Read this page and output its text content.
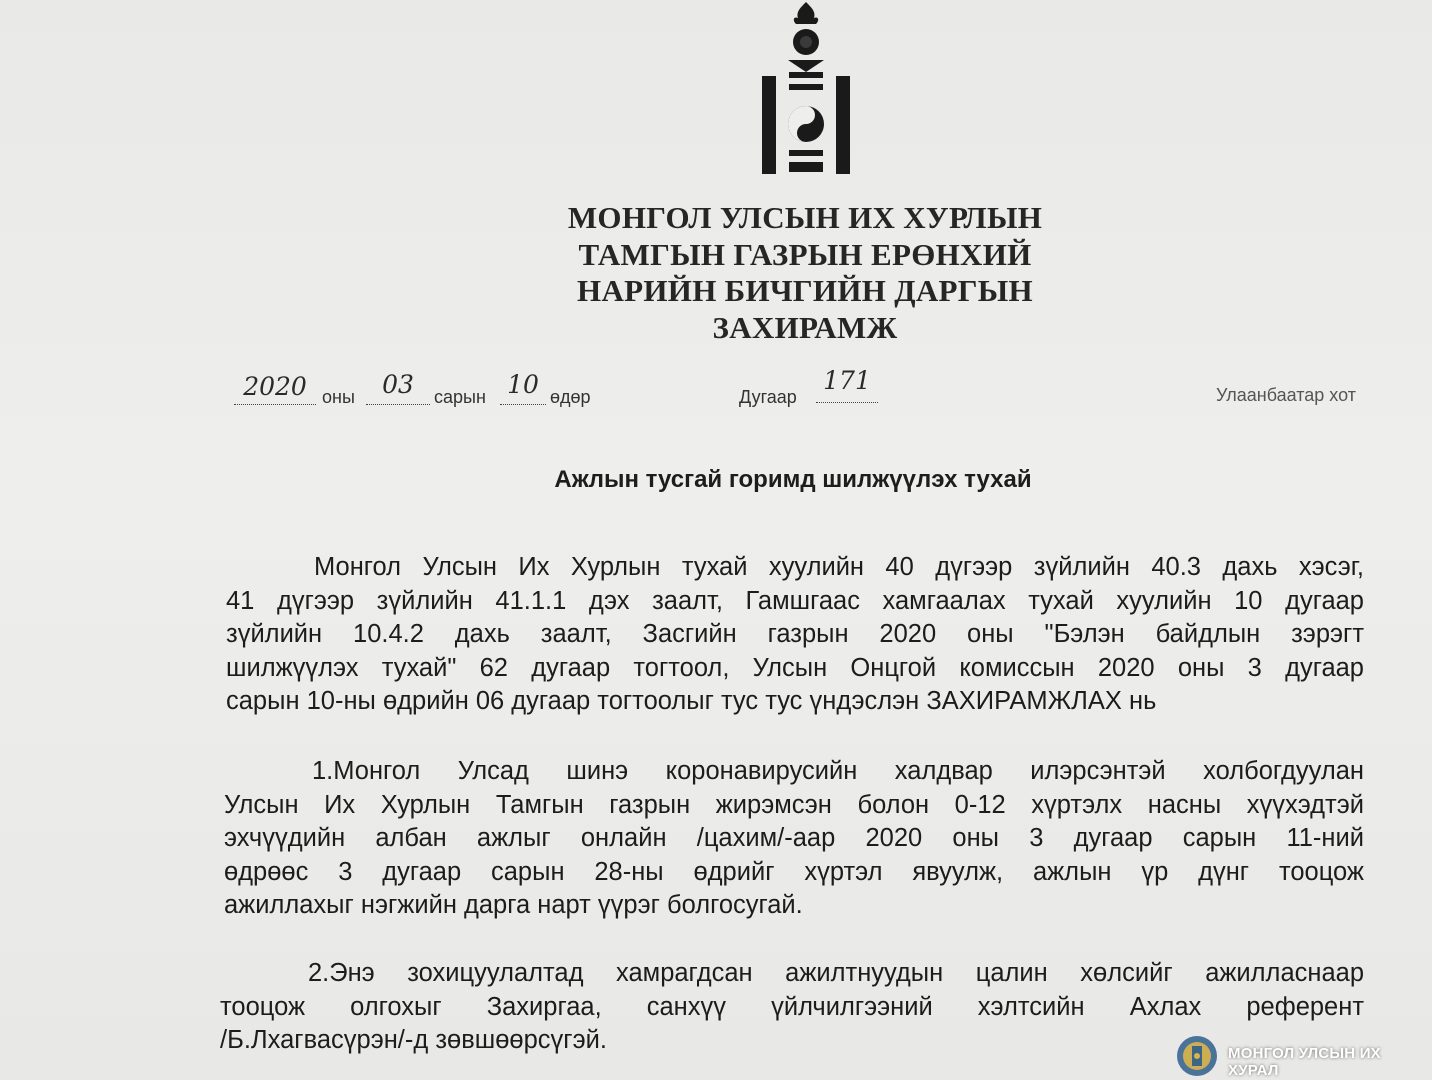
МОНГОЛ УЛСЫН ИХ ХУРЛЫН
ТАМГЫН ГАЗРЫН ЕРӨНХИЙ
НАРИЙН БИЧГИЙН ДАРГЫН
ЗАХИРАМЖ
2020 оны	03	сарын 10 өдөр	Дугаар
171	Улаанбаатар хот
Ажлын тусгай горимд шилжүүлэх тухай
Монгол Улсын Их Хурлын тухай хуулийн 40 дүгээр зүйлийн 40.3 дахь хэсэг,
41 дүгээр зүйлийн 41.1.1 дэх заалт, Гамшгаас хамгаалах тухай хуулийн 10 дугаар
зүйлийн 10.4.2 дахь заалт, Засгийн газрын 2020 оны "Бэлэн байдлын зэрэгт
шилжүүлэх тухай" 62 дугаар тогтоол, Улсын Онцгой комиссын 2020 оны 3 дугаар
сарын 10-ны өдрийн 06 дугаар тогтоолыг тус тус үндэслэн ЗАХИРАМЖЛАХ нь
1.Монгол Улсад шинэ коронавирусийн халдвар илэрсэнтэй холбогдуулан
Улсын Их Хурлын Тамгын газрын жирэмсэн болон 0-12 хүртэлх насны хүүхэдтэй
эхчүүдийн албан ажлыг онлайн /цахим/-аар 2020 оны 3 дугаар сарын 11-ний
өдрөөс 3 дугаар сарын 28-ны өдрийг хүртэл явуулж, ажлын үр дүнг тооцож
ажиллахыг нэгжийн дарга нарт үүрэг болгосугай.
2.Энэ зохицуулалтад хамрагдсан ажилтнуудын цалин хөлсийг ажилласнаар
тооцож олгохыг Захиргаа, санхүү үйлчилгээний хэлтсийн Ахлах референт
/Б.Лхагвасүрэн/-д зөвшөөрсүгэй.	МОНГОЛ УЛСЫН ИХ ХУРАЛ
